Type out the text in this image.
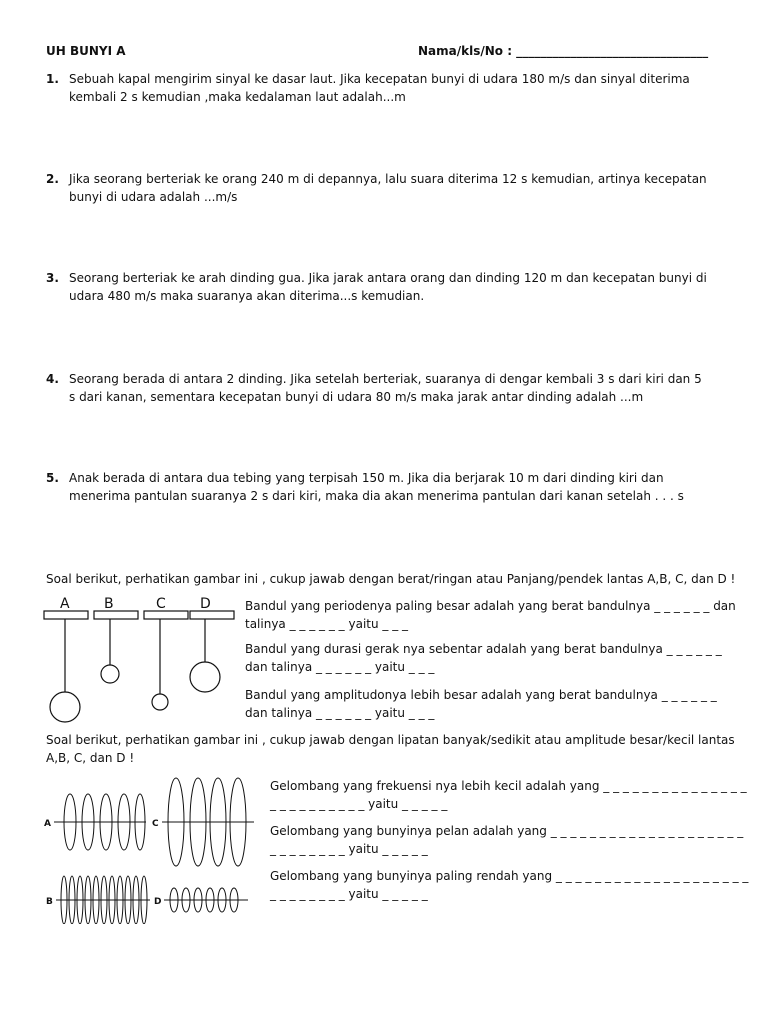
UH BUNYI A	Nama/kls/No : ________________________________
1. Sebuah kapal mengirim sinyal ke dasar laut. Jika kecepatan bunyi di udara 180 m/s dan sinyal diterima kembali 2 s kemudian ,maka kedalaman laut adalah...m
2. Jika seorang berteriak ke orang 240 m di depannya, lalu suara diterima 12 s kemudian, artinya kecepatan bunyi di udara adalah ...m/s
3. Seorang berteriak ke arah dinding gua. Jika jarak antara orang dan dinding 120 m dan kecepatan bunyi di udara 480 m/s maka suaranya akan diterima...s kemudian.
4. Seorang berada di antara 2 dinding. Jika setelah berteriak, suaranya di dengar kembali 3 s dari kiri dan 5 s dari kanan, sementara kecepatan bunyi di udara 80 m/s maka jarak antar dinding adalah ...m
5. Anak berada di antara dua tebing yang terpisah 150 m. Jika dia berjarak 10 m dari dinding kiri dan menerima pantulan suaranya 2 s dari kiri, maka dia akan menerima pantulan dari kanan setelah . . . s
Soal berikut, perhatikan gambar ini , cukup jawab dengan berat/ringan atau Panjang/pendek lantas A,B, C, dan D !
A B	C D	Bandul yang periodenya paling besar adalah yang berat bandulnya _ _ _ _ _ _ dan
talinya _ _ _ _ _ _ yaitu _ _ _
Bandul yang durasi gerak nya sebentar adalah yang berat bandulnya _ _ _ _ _ _
dan talinya _ _ _ _ _ _ yaitu _ _ _
Bandul yang amplitudonya lebih besar adalah yang berat bandulnya _ _ _ _ _ _
dan talinya _ _ _ _ _ _ yaitu _ _ _
Soal berikut, perhatikan gambar ini , cukup jawab dengan lipatan banyak/sedikit atau amplitude besar/kecil lantas
A,B, C, dan D !
A
B
C
D
Gelombang yang frekuensi nya lebih kecil adalah yang _ _ _ _ _ _ _ _ _ _ _ _ _ _ _
_ _ _ _ _ _ _ _ _ _ yaitu _ _ _ _ _
Gelombang yang bunyinya pelan adalah yang _ _ _ _ _ _ _ _ _ _ _ _ _ _ _ _ _ _ _ _
_ _ _ _ _ _ _ _ yaitu _ _ _ _ _
Gelombang yang bunyinya paling rendah yang _ _ _ _ _ _ _ _ _ _ _ _ _ _ _ _ _ _ _ _
_ _ _ _ _ _ _ _ yaitu _ _ _ _ _
